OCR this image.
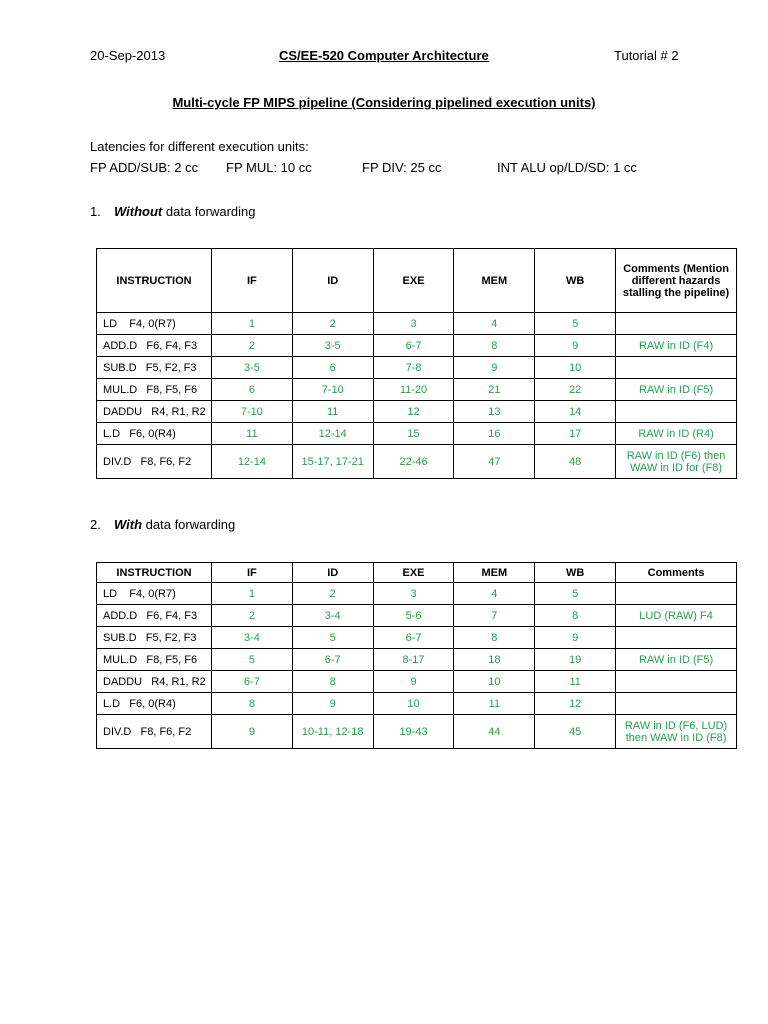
20-Sep-2013	CS/EE-520 Computer Architecture	Tutorial # 2
Multi-cycle FP MIPS pipeline (Considering pipelined execution units)
Latencies for different execution units:
FP ADD/SUB: 2 cc FP MUL: 10 cc	FP DIV: 25 cc	INT ALU op/LD/SD: 1 cc
1. Without data forwarding
INSTRUCTION	IF	ID	EXE	MEM	WB	Comments (Mention different hazards stalling the pipeline)
LD    F4, 0(R7)	1	2	3	4	5	
ADD.D   F6, F4, F3	2	3-5	6-7	8	9	RAW in ID (F4)
SUB.D   F5, F2, F3	3-5	6	7-8	9	10	
MUL.D   F8, F5, F6	6	7-10	11-20	21	22	RAW in ID (F5)
DADDU   R4, R1, R2	7-10	11	12	13	14	
L.D   F6, 0(R4)	11	12-14	15	16	17	RAW in ID (R4)
DIV.D   F8, F6, F2	12-14	15-17, 17-21	22-46	47	48	RAW in ID (F6) then WAW in ID for (F8)
2. With data forwarding
INSTRUCTION	IF	ID	EXE	MEM	WB	Comments
LD    F4, 0(R7)	1	2	3	4	5	
ADD.D   F6, F4, F3	2	3-4	5-6	7	8	LUD (RAW) F4
SUB.D   F5, F2, F3	3-4	5	6-7	8	9	
MUL.D   F8, F5, F6	5	6-7	8-17	18	19	RAW in ID (F5)
DADDU   R4, R1, R2	6-7	8	9	10	11	
L.D   F6, 0(R4)	8	9	10	11	12	
DIV.D   F8, F6, F2	9	10-11, 12-18	19-43	44	45	RAW in ID (F6, LUD) then WAW in ID (F8)
